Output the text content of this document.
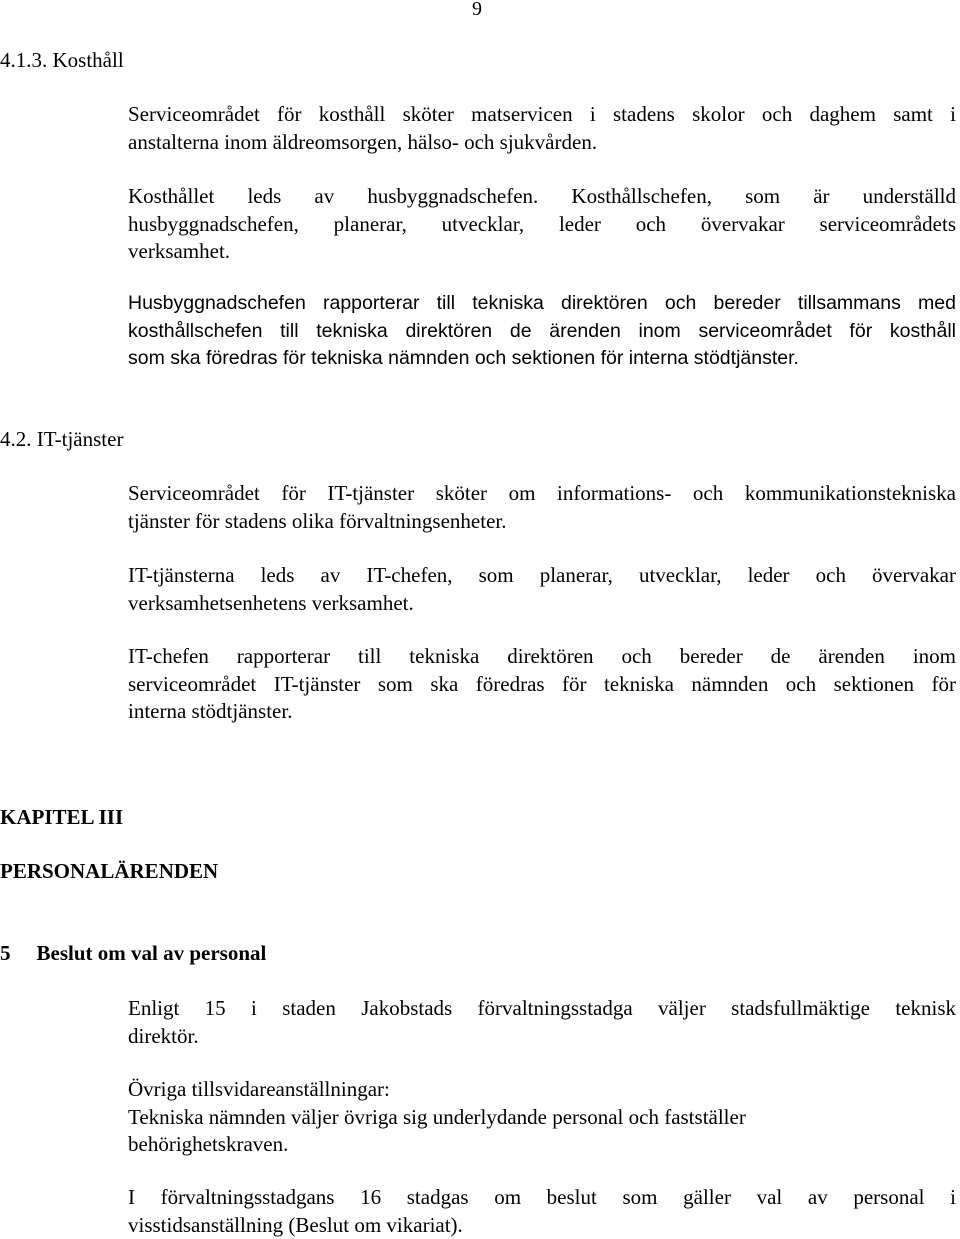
9
4.1.3. Kosthåll
Serviceområdet för kosthåll sköter matservicen i stadens skolor och daghem samt i
anstalterna inom äldreomsorgen, hälso- och sjukvården.
Kosthållet leds av husbyggnadschefen. Kosthållschefen, som är underställd
husbyggnadschefen, planerar, utvecklar, leder och övervakar serviceområdets
verksamhet.
Husbyggnadschefen rapporterar till tekniska direktören och bereder tillsammans med
kosthållschefen till tekniska direktören de ärenden inom serviceområdet för kosthåll
som ska föredras för tekniska nämnden och sektionen för interna stödtjänster.
4.2. IT-tjänster
Serviceområdet för IT-tjänster sköter om informations- och kommunikationstekniska
tjänster för stadens olika förvaltningsenheter.
IT-tjänsterna leds av IT-chefen, som planerar, utvecklar, leder och övervakar
verksamhetsenhetens verksamhet.
IT-chefen rapporterar till tekniska direktören och bereder de ärenden inom
serviceområdet IT-tjänster som ska föredras för tekniska nämnden och sektionen för
interna stödtjänster.
KAPITEL III
PERSONALÄRENDEN
5 Beslut om val av personal
Enligt 15 i staden Jakobstads förvaltningsstadga väljer stadsfullmäktige teknisk
direktör.
Övriga tillsvidareanställningar:
Tekniska nämnden väljer övriga sig underlydande personal och fastställer
behörighetskraven.
I förvaltningsstadgans 16 stadgas om beslut som gäller val av personal i
visstidsanställning (Beslut om vikariat).
